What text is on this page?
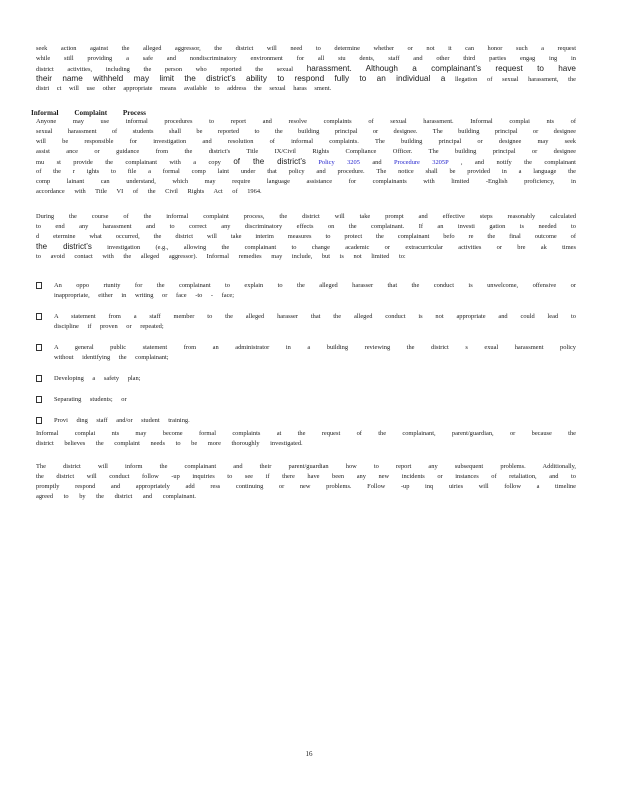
seek action against the alleged aggressor, the district will need to determine whether or not it can honor such a request
while still providing a safe and nondiscriminatory environment for all stu dents, staff and other third parties engag ing in
district activities, including the person who reported the sexual harassment. Although a complainant’s request to have
their name withheld may limit the district’s ability to respond fully to an individual a llegation of sexual harassment, the
distri ct will use other appropriate means available to address the sexual haras sment.
Informal Complaint Process
Anyone may use informal procedures to report and resolve complaints of sexual harassment. Informal complai nts of
sexual harassment of students shall be reported to the building principal or designee. The building principal or designee
will be responsible for investigation and resolution of informal complaints. The building principal or designee may seek
assist ance or guidance from the district's Title IX/Civil Rights Compliance Officer. The building principal or designee
mu st provide the complainant with a copy of the district’s Policy 3205 and Procedure 3205P , and notify the complainant
of the r ights to file a formal comp laint under that policy and procedure. The notice shall be provided in a language the
comp lainant can understand, which may require language assistance for complainants with limited -English proficiency, in
accordance with Title VI of the Civil Rights Act of 1964.
During the course of the informal complaint process, the district will take prompt and effective steps reasonably calculated
to end any harassment and to correct any discriminatory effects on the complainant. If an investi gation is needed to
d etermine what occurred, the district will take interim measures to protect the complainant befo re the final outcome of
the district’s investigation (e.g., allowing the complainant to change academic or extracurricular activities or bre ak times
to avoid contact with the alleged aggressor). Informal remedies may include, but is not limited to:
An oppo rtunity for the complainant to explain to the alleged harasser that the conduct is unwelcome, offensive or
inappropriate, either in writing or face -to - face;
A statement from a staff member to the alleged harasser that the alleged conduct is not appropriate and could lead to
discipline if proven or repeated;
A general public statement from an administrator in a building reviewing the district s exual harassment policy
without identifying the complainant;
Developing a safety plan;
Separating students; or
Provi ding staff and/or student training.
Informal complai nts may become formal complaints at the request of the complainant, parent/guardian, or because the
district believes the complaint needs to be more thoroughly investigated.
The district will inform the complainant and their parent/guardian how to report any subsequent problems. Additionally,
the district will conduct follow -up inquiries to see if there have been any new incidents or instances of retaliation, and to
promptly respond and appropriately add ress continuing or new problems. Follow -up inq uiries will follow a timeline
agreed to by the district and complainant.
16
